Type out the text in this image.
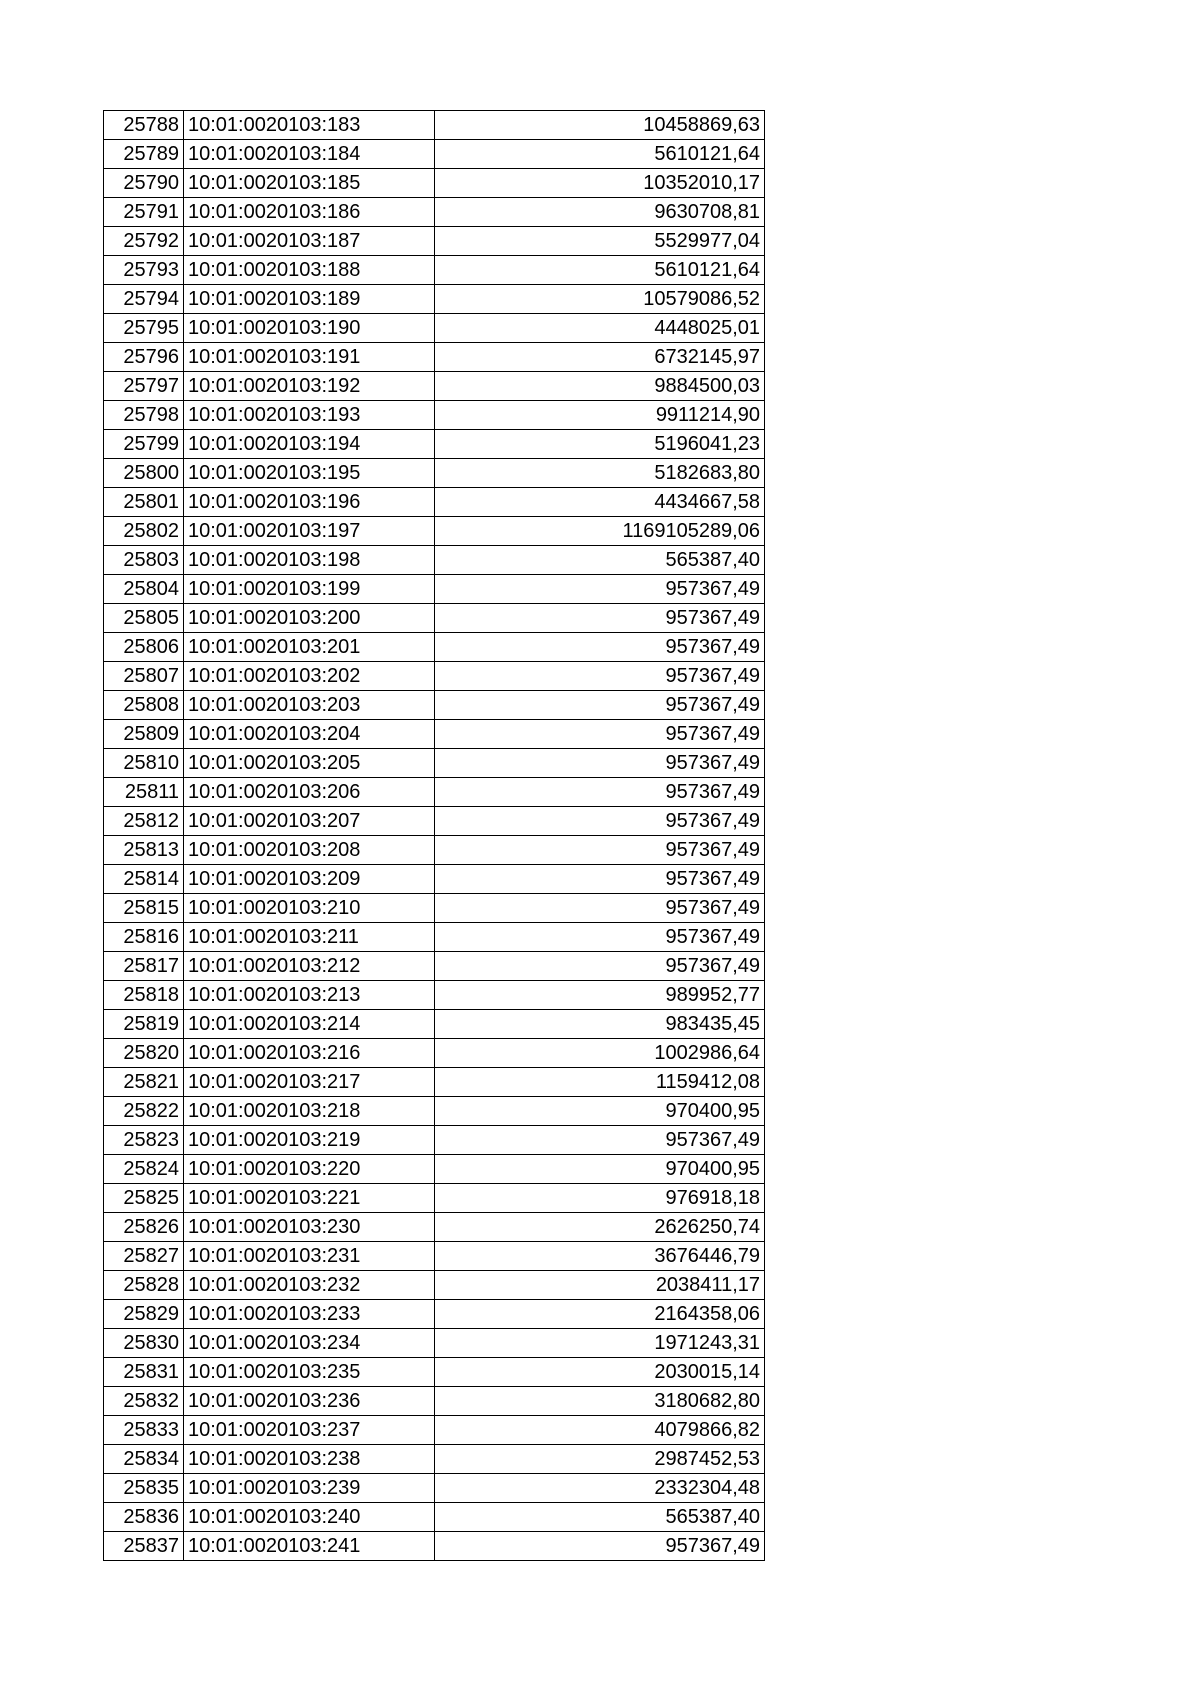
25788	10:01:0020103:183	10458869,63
25789	10:01:0020103:184	5610121,64
25790	10:01:0020103:185	10352010,17
25791	10:01:0020103:186	9630708,81
25792	10:01:0020103:187	5529977,04
25793	10:01:0020103:188	5610121,64
25794	10:01:0020103:189	10579086,52
25795	10:01:0020103:190	4448025,01
25796	10:01:0020103:191	6732145,97
25797	10:01:0020103:192	9884500,03
25798	10:01:0020103:193	9911214,90
25799	10:01:0020103:194	5196041,23
25800	10:01:0020103:195	5182683,80
25801	10:01:0020103:196	4434667,58
25802	10:01:0020103:197	1169105289,06
25803	10:01:0020103:198	565387,40
25804	10:01:0020103:199	957367,49
25805	10:01:0020103:200	957367,49
25806	10:01:0020103:201	957367,49
25807	10:01:0020103:202	957367,49
25808	10:01:0020103:203	957367,49
25809	10:01:0020103:204	957367,49
25810	10:01:0020103:205	957367,49
25811	10:01:0020103:206	957367,49
25812	10:01:0020103:207	957367,49
25813	10:01:0020103:208	957367,49
25814	10:01:0020103:209	957367,49
25815	10:01:0020103:210	957367,49
25816	10:01:0020103:211	957367,49
25817	10:01:0020103:212	957367,49
25818	10:01:0020103:213	989952,77
25819	10:01:0020103:214	983435,45
25820	10:01:0020103:216	1002986,64
25821	10:01:0020103:217	1159412,08
25822	10:01:0020103:218	970400,95
25823	10:01:0020103:219	957367,49
25824	10:01:0020103:220	970400,95
25825	10:01:0020103:221	976918,18
25826	10:01:0020103:230	2626250,74
25827	10:01:0020103:231	3676446,79
25828	10:01:0020103:232	2038411,17
25829	10:01:0020103:233	2164358,06
25830	10:01:0020103:234	1971243,31
25831	10:01:0020103:235	2030015,14
25832	10:01:0020103:236	3180682,80
25833	10:01:0020103:237	4079866,82
25834	10:01:0020103:238	2987452,53
25835	10:01:0020103:239	2332304,48
25836	10:01:0020103:240	565387,40
25837	10:01:0020103:241	957367,49
